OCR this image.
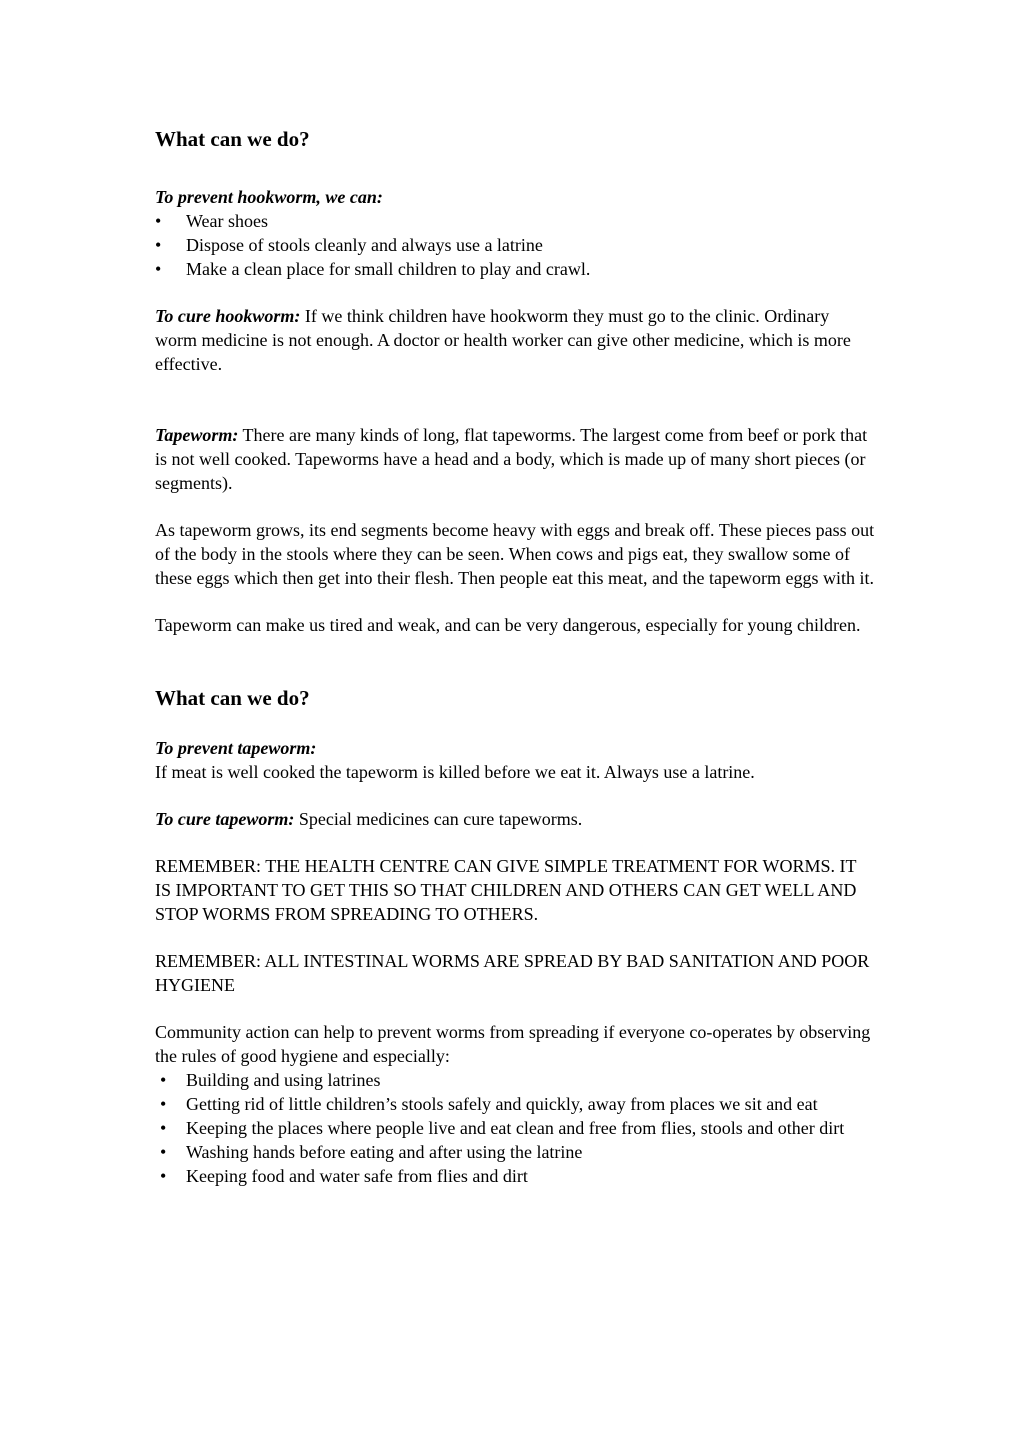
What can we do?

To prevent hookworm, we can:

•	Wear shoes
•	Dispose of stools cleanly and always use a latrine
•	Make a clean place for small children to play and crawl.

To cure hookworm: If we think children have hookworm they must go to the clinic. Ordinary worm medicine is not enough. A doctor or health worker can give other medicine, which is more effective.

Tapeworm: There are many kinds of long, flat tapeworms. The largest come from beef or pork that is not well cooked. Tapeworms have a head and a body, which is made up of many short pieces (or segments).

As tapeworm grows, its end segments become heavy with eggs and break off. These pieces pass out of the body in the stools where they can be seen. When cows and pigs eat, they swallow some of these eggs which then get into their flesh. Then people eat this meat, and the tapeworm eggs with it.

Tapeworm can make us tired and weak, and can be very dangerous, especially for young children.

What can we do?

To prevent tapeworm:

If meat is well cooked the tapeworm is killed before we eat it. Always use a latrine.

To cure tapeworm: Special medicines can cure tapeworms.

REMEMBER: THE HEALTH CENTRE CAN GIVE SIMPLE TREATMENT FOR WORMS. IT IS IMPORTANT TO GET THIS SO THAT CHILDREN AND OTHERS CAN GET WELL AND STOP WORMS FROM SPREADING TO OTHERS.

REMEMBER: ALL INTESTINAL WORMS ARE SPREAD BY BAD SANITATION AND POOR HYGIENE

Community action can help to prevent worms from spreading if everyone co-operates by observing the rules of good hygiene and especially:

•	Building and using latrines
•	Getting rid of little children’s stools safely and quickly, away from places we sit and eat
•	Keeping the places where people live and eat clean and free from flies, stools and other dirt
•	Washing hands before eating and after using the latrine
•	Keeping food and water safe from flies and dirt
